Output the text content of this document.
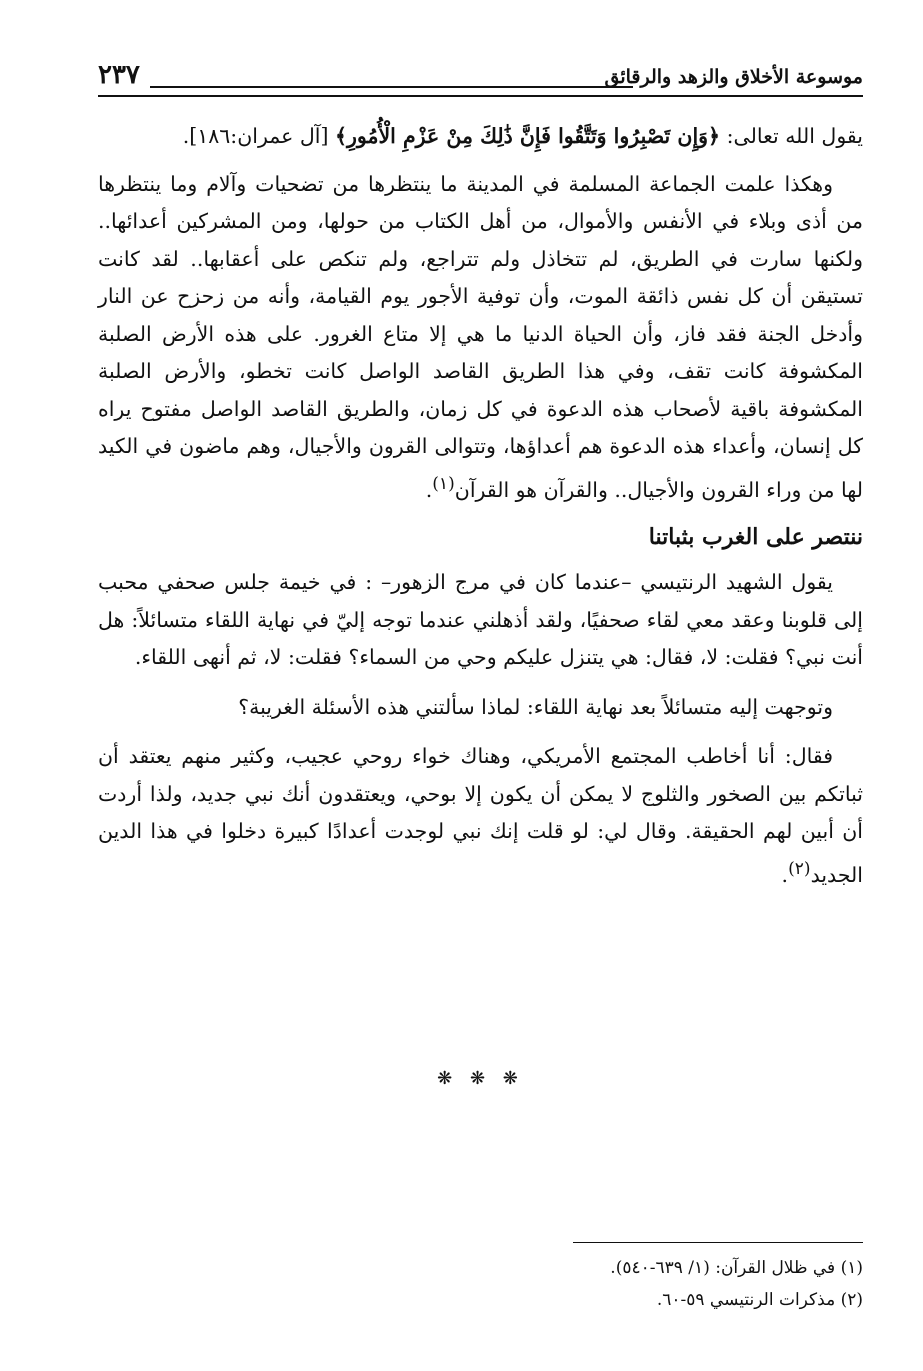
موسوعة الأخلاق والزهد والرقائق
٢٣٧

يقول الله تعالى: ﴿وَإِن تَصْبِرُوا وَتَتَّقُوا فَإِنَّ ذَٰلِكَ مِنْ عَزْمِ الْأُمُورِ﴾ [آل عمران:١٨٦].

وهكذا علمت الجماعة المسلمة في المدينة ما ينتظرها من تضحيات وآلام وما ينتظرها من أذى وبلاء في الأنفس والأموال، من أهل الكتاب من حولها، ومن المشركين أعدائها.. ولكنها سارت في الطريق، لم تتخاذل ولم تتراجع، ولم تنكص على أعقابها.. لقد كانت تستيقن أن كل نفس ذائقة الموت، وأن توفية الأجور يوم القيامة، وأنه من زحزح عن النار وأدخل الجنة فقد فاز، وأن الحياة الدنيا ما هي إلا متاع الغرور. على هذه الأرض الصلبة المكشوفة كانت تقف، وفي هذا الطريق القاصد الواصل كانت تخطو، والأرض الصلبة المكشوفة باقية لأصحاب هذه الدعوة في كل زمان، والطريق القاصد الواصل مفتوح يراه كل إنسان، وأعداء هذه الدعوة هم أعداؤها، وتتوالى القرون والأجيال، وهم ماضون في الكيد لها من وراء القرون والأجيال.. والقرآن هو القرآن$^{(١)}$.

ننتصر على الغرب بثباتنا

يقول الشهيد الرنتيسي –عندما كان في مرج الزهور– : في خيمة جلس صحفي محبب إلى قلوبنا وعقد معي لقاء صحفيًا، ولقد أذهلني عندما توجه إليّ في نهاية اللقاء متسائلاً: هل أنت نبي؟ فقلت: لا، فقال: هي يتنزل عليكم وحي من السماء؟ فقلت: لا، ثم أنهى اللقاء.

وتوجهت إليه متسائلاً بعد نهاية اللقاء: لماذا سألتني هذه الأسئلة الغريبة؟

فقال: أنا أخاطب المجتمع الأمريكي، وهناك خواء روحي عجيب، وكثير منهم يعتقد أن ثباتكم بين الصخور والثلوج لا يمكن أن يكون إلا بوحي، ويعتقدون أنك نبي جديد، ولذا أردت أن أبين لهم الحقيقة. وقال لي: لو قلت إنك نبي لوجدت أعدادًا كبيرة دخلوا في هذا الدين الجديد$^{(٢)}$.

❋ ❋ ❋
(١) في ظلال القرآن: (١/ ٦٣٩-٥٤٠).
(٢) مذكرات الرنتيسي ٥٩-٦٠.
